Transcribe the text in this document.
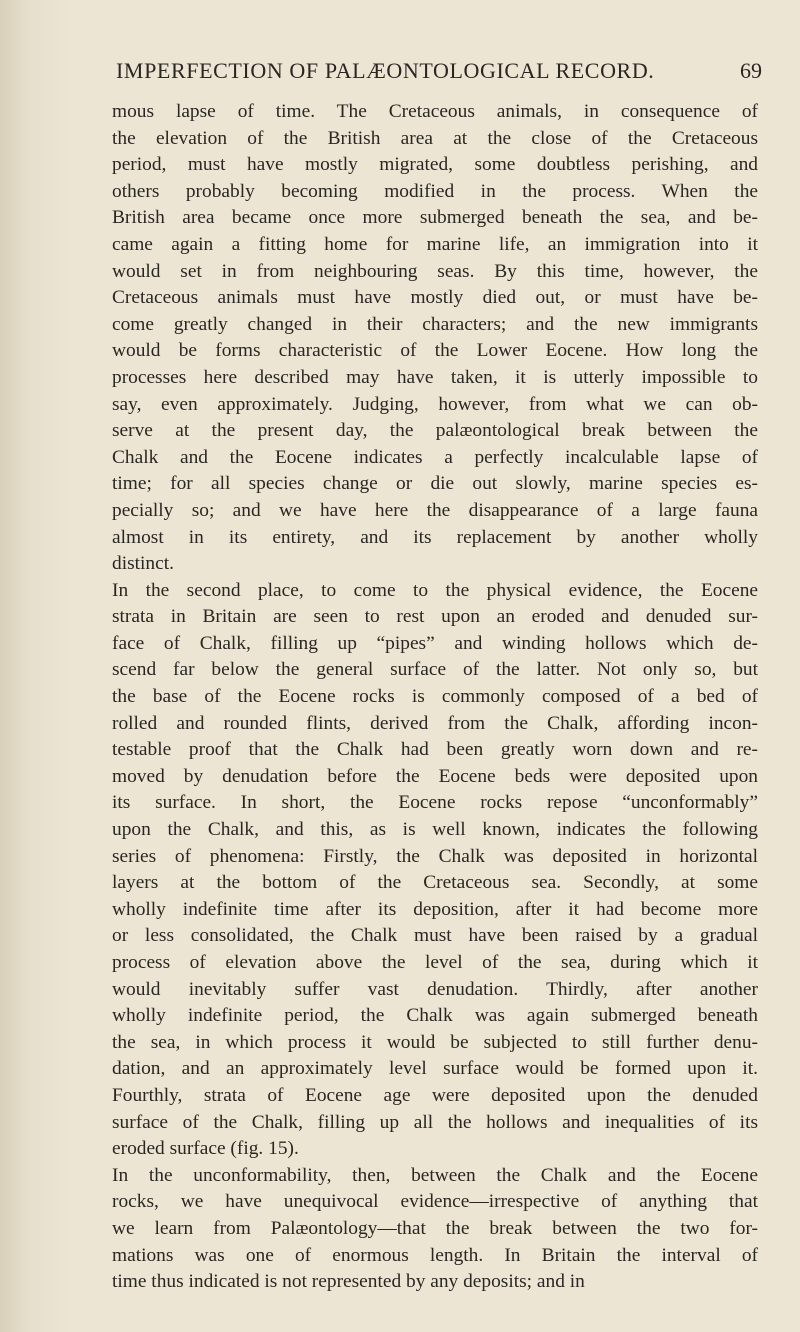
IMPERFECTION OF PALÆONTOLOGICAL RECORD.	69
mous lapse of time. The Cretaceous animals, in consequence of
the elevation of the British area at the close of the Cretaceous
period, must have mostly migrated, some doubtless perishing, and
others probably becoming modified in the process. When the
British area became once more submerged beneath the sea, and be-
came again a fitting home for marine life, an immigration into it
would set in from neighbouring seas. By this time, however, the
Cretaceous animals must have mostly died out, or must have be-
come greatly changed in their characters; and the new immigrants
would be forms characteristic of the Lower Eocene. How long the
processes here described may have taken, it is utterly impossible to
say, even approximately. Judging, however, from what we can ob-
serve at the present day, the palæontological break between the
Chalk and the Eocene indicates a perfectly incalculable lapse of
time; for all species change or die out slowly, marine species es-
pecially so; and we have here the disappearance of a large fauna
almost in its entirety, and its replacement by another wholly
distinct.
In the second place, to come to the physical evidence, the Eocene
strata in Britain are seen to rest upon an eroded and denuded sur-
face of Chalk, filling up “pipes” and winding hollows which de-
scend far below the general surface of the latter. Not only so, but
the base of the Eocene rocks is commonly composed of a bed of
rolled and rounded flints, derived from the Chalk, affording incon-
testable proof that the Chalk had been greatly worn down and re-
moved by denudation before the Eocene beds were deposited upon
its surface. In short, the Eocene rocks repose “unconformably”
upon the Chalk, and this, as is well known, indicates the following
series of phenomena: Firstly, the Chalk was deposited in horizontal
layers at the bottom of the Cretaceous sea. Secondly, at some
wholly indefinite time after its deposition, after it had become more
or less consolidated, the Chalk must have been raised by a gradual
process of elevation above the level of the sea, during which it
would inevitably suffer vast denudation. Thirdly, after another
wholly indefinite period, the Chalk was again submerged beneath
the sea, in which process it would be subjected to still further denu-
dation, and an approximately level surface would be formed upon it.
Fourthly, strata of Eocene age were deposited upon the denuded
surface of the Chalk, filling up all the hollows and inequalities of its
eroded surface (fig. 15).
In the unconformability, then, between the Chalk and the Eocene
rocks, we have unequivocal evidence—irrespective of anything that
we learn from Palæontology—that the break between the two for-
mations was one of enormous length. In Britain the interval of
time thus indicated is not represented by any deposits; and in
